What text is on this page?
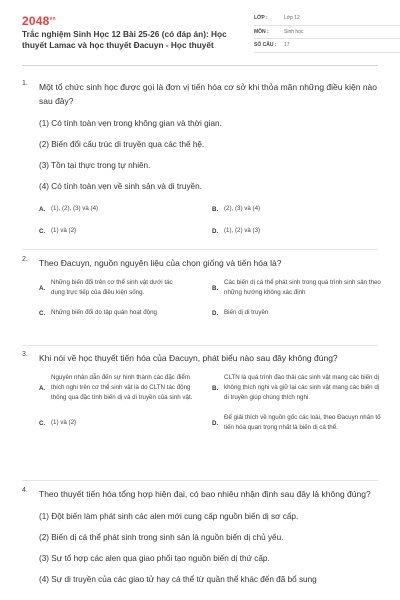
$2048^{vn}$
Trắc nghiệm Sinh Học 12 Bài 25-26 (có đáp án): Học thuyết Lamac và học thuyết Đacuyn - Học thuyết
LỚP :	Lớp 12
MÔN :	Sinh học
SỐ CÂU :	17
1. Một tổ chức sinh học được gọi là đơn vị tiến hóa cơ sở khi thỏa mãn những điều kiện nào sau đây?
(1) Có tính toàn vẹn trong không gian và thời gian.
(2) Biến đổi cấu trúc di truyền qua các thế hệ.
(3) Tồn tại thực trong tự nhiên.
(4) Có tính toàn vẹn về sinh sản và di truyền.
A. (1), (2), (3) và (4)	B. (2), (3) và (4)
C. (1) và (2)	D. (1), (2) và (3)
2. Theo Đacuyn, nguồn nguyên liệu của chọn giống và tiến hóa là?
A.
Những biến đổi trên cơ thể sinh vật dưới tác dụng trực tiếp của điều kiện sống.
B.
Các biến dị cá thể phát sinh trong quá trình sinh sản theo những hướng không xác định
C. Những biến đổi do tập quán hoạt động	D. Biến dị di truyền
3. Khi nói về học thuyết tiến hóa của Đacuyn, phát biểu nào sau đây không đúng?
A.
Nguyên nhân dẫn đến sự hình thành các đặc điểm thích nghi trên cơ thể sinh vật là do CLTN tác động thông qua đặc tính biến dị và di truyền của sinh vật.
B.
CLTN là quá trình đào thải các sinh vật mang các biến dị không thích nghi và giữ lại các sinh vật mang các biến dị di truyền giúp chúng thích nghi.
C. (1) và (2)	D.
Để giải thích về nguồn gốc các loài, theo Đacuyn nhân tố tiến hóa quan trọng nhất là biến dị cá thể.
4. Theo thuyết tiến hóa tổng hợp hiện đại, có bao nhiêu nhận định sau đây là không đúng?
(1) Đột biến làm phát sinh các alen mới cung cấp nguồn biến dị sơ cấp.
(2) Biến dị cá thể phát sinh trong sinh sản là nguồn biến dị chủ yếu.
(3) Sự tổ hợp các alen qua giao phối tạo nguồn biến dị thứ cấp.
(4) Sự di truyền của các giao tử hay cá thể từ quần thể khác đến đã bổ sung
